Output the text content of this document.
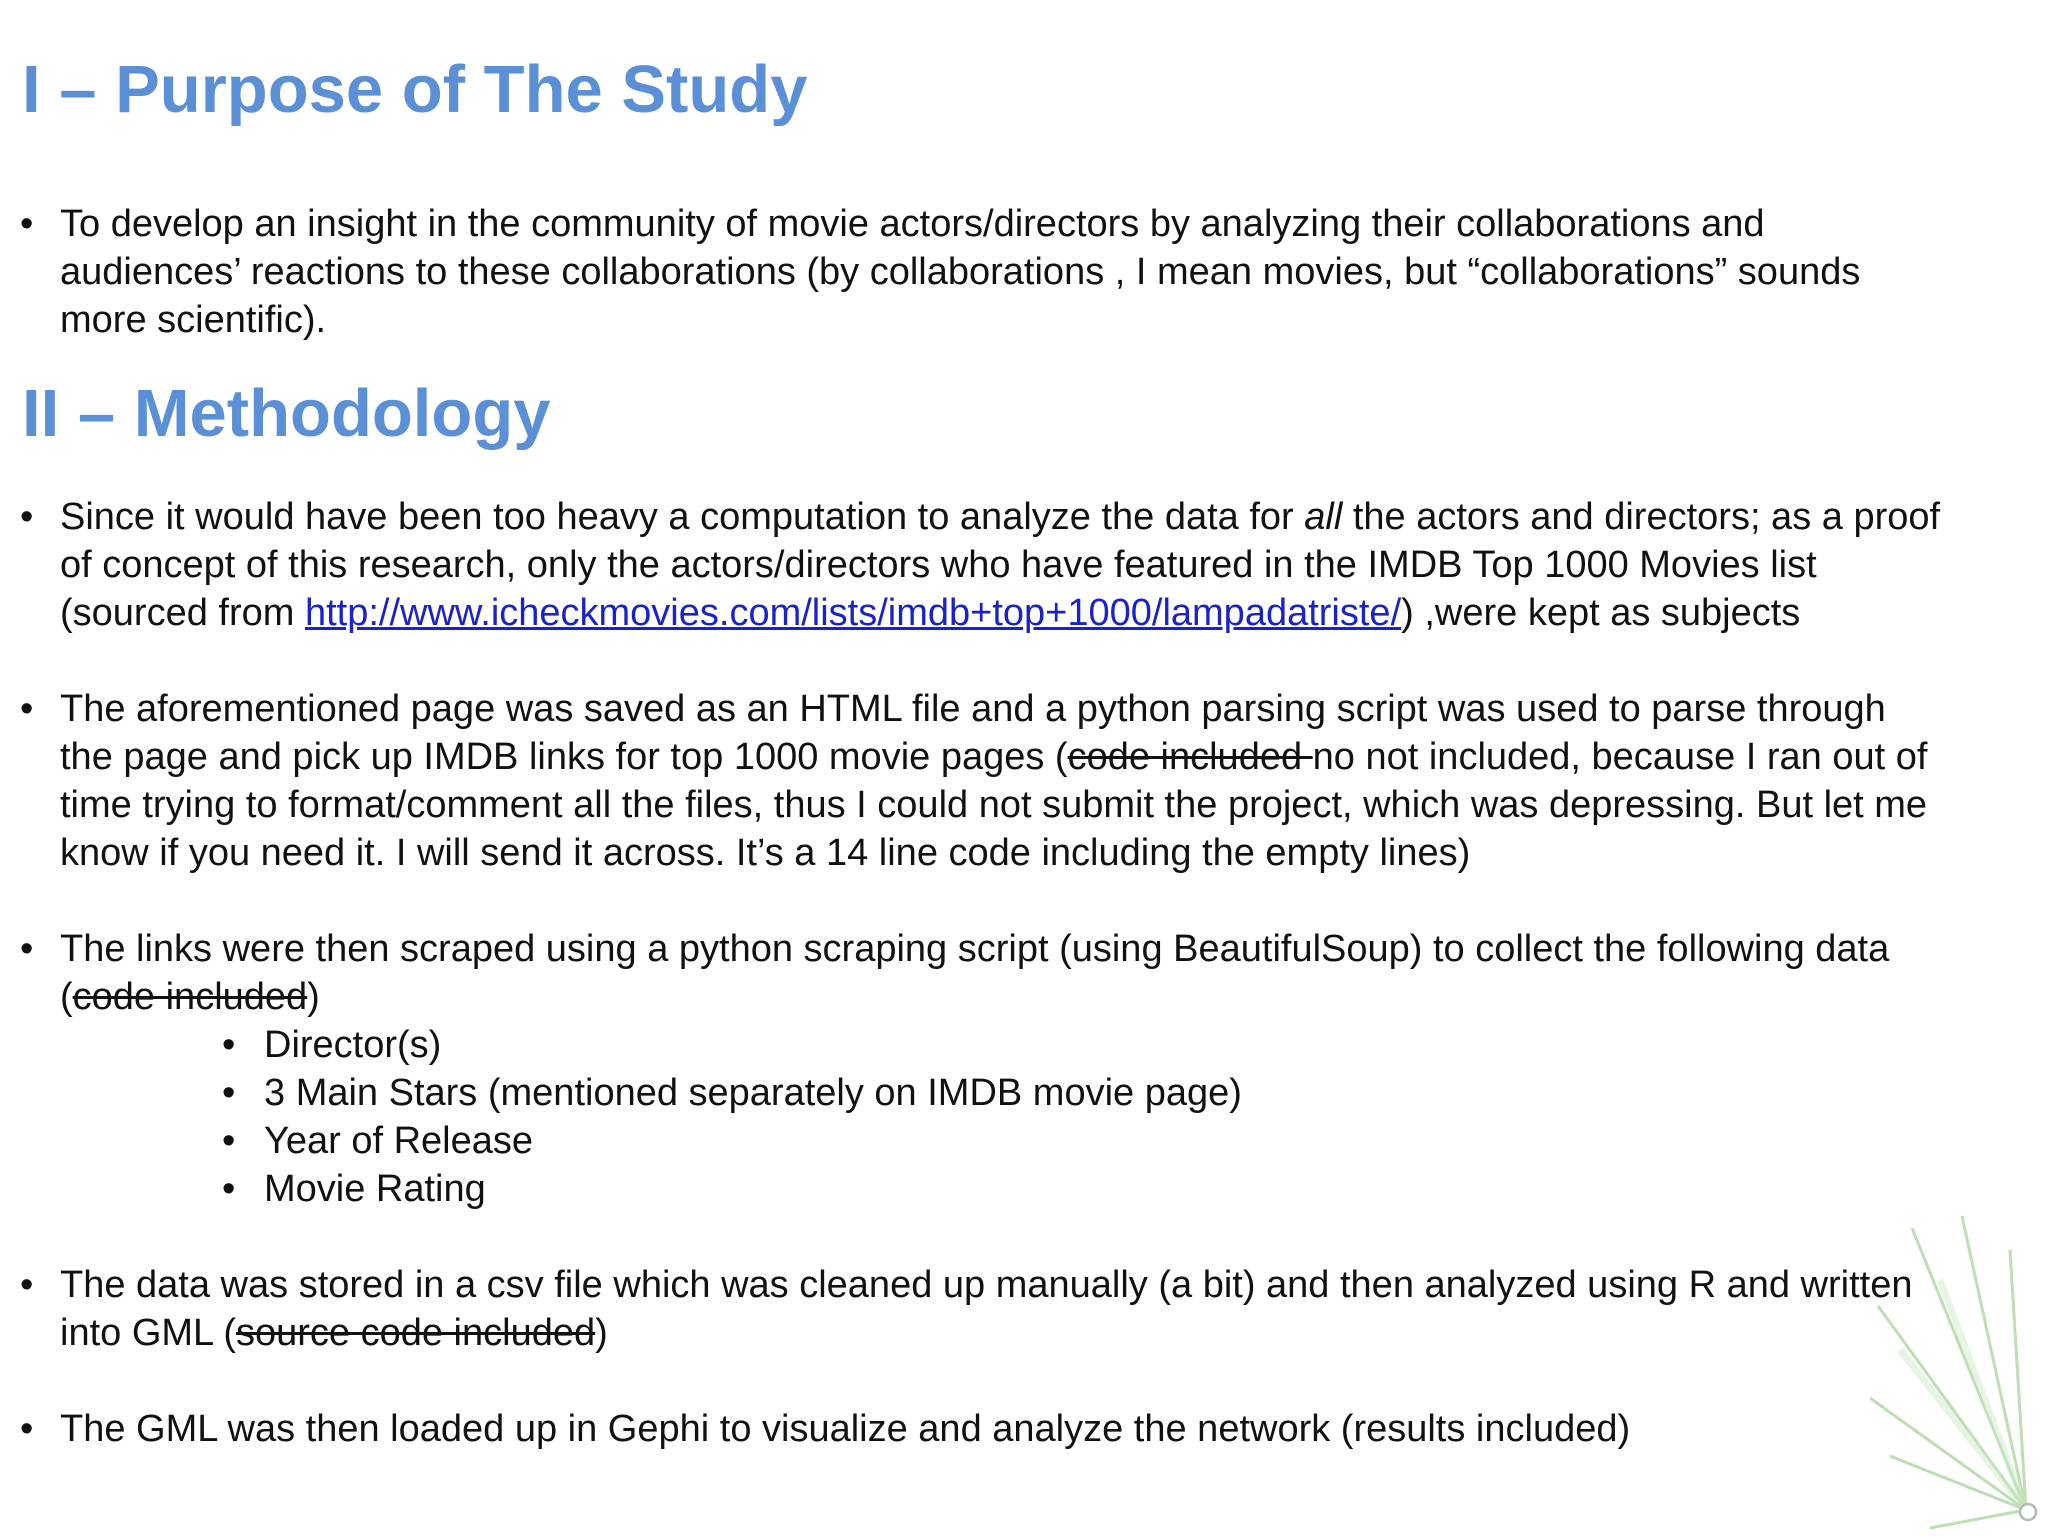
I – Purpose of The Study
• To develop an insight in the community of movie actors/directors by analyzing their collaborations and
audiences’ reactions to these collaborations (by collaborations , I mean movies, but “collaborations” sounds
more scientific).
II – Methodology
• Since it would have been too heavy a computation to analyze the data for all the actors and directors; as a proof
of concept of this research, only the actors/directors who have featured in the IMDB Top 1000 Movies list
(sourced from http://www.icheckmovies.com/lists/imdb+top+1000/lampadatriste/) ,were kept as subjects
• The aforementioned page was saved as an HTML file and a python parsing script was used to parse through
the page and pick up IMDB links for top 1000 movie pages (code included no not included, because I ran out of
time trying to format/comment all the files, thus I could not submit the project, which was depressing. But let me
know if you need it. I will send it across. It’s a 14 line code including the empty lines)
• The links were then scraped using a python scraping script (using BeautifulSoup) to collect the following data
(code included)
• Director(s)
• 3 Main Stars (mentioned separately on IMDB movie page)
• Year of Release
• Movie Rating
• The data was stored in a csv file which was cleaned up manually (a bit) and then analyzed using R and written
into GML (source code included)
• The GML was then loaded up in Gephi to visualize and analyze the network (results included)
